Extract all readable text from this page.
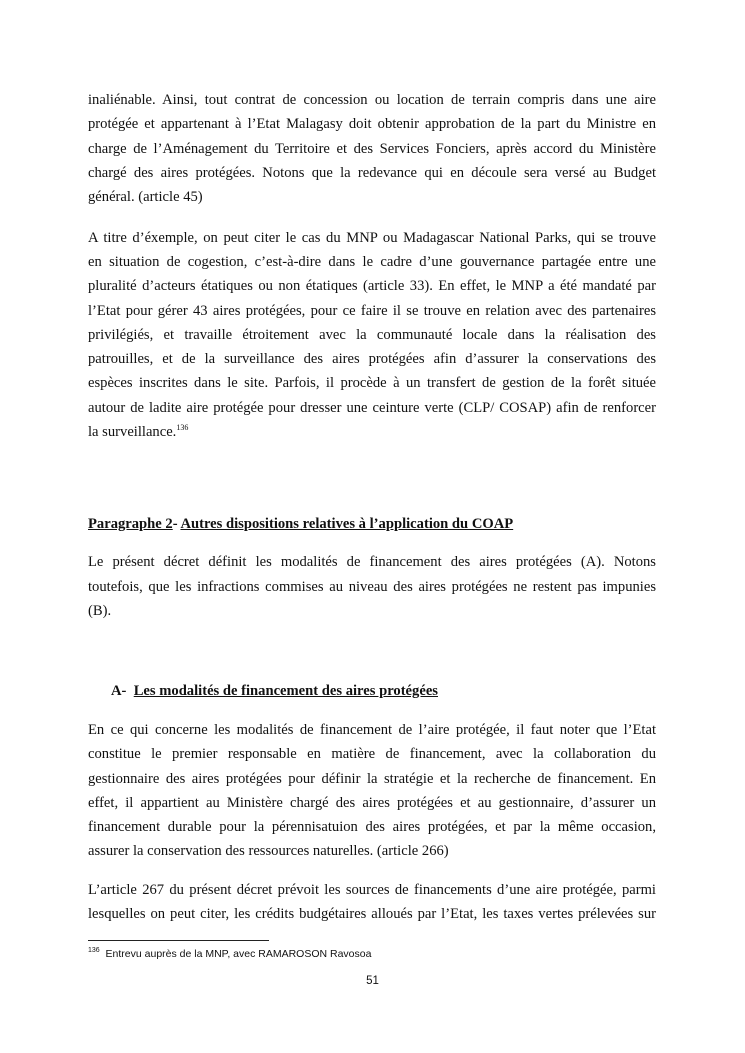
inaliénable. Ainsi, tout contrat de concession ou location de terrain compris dans une aire
protégée et appartenant à l’Etat Malagasy doit obtenir approbation de la part du Ministre en
charge de l’Aménagement du Territoire et des Services Fonciers, après accord du Ministère
chargé des aires protégées. Notons que la redevance qui en découle sera versé au Budget
général. (article 45)
A titre d’éxemple, on peut citer le cas du MNP ou Madagascar National Parks, qui se trouve
en situation de cogestion, c’est-à-dire dans le cadre d’une gouvernance partagée entre une
pluralité d’acteurs étatiques ou non étatiques (article 33). En effet, le MNP a été mandaté par
l’Etat pour gérer 43 aires protégées, pour ce faire il se trouve en relation avec des partenaires
privilégiés, et travaille étroitement avec la communauté locale dans la réalisation des
patrouilles, et de la surveillance des aires protégées afin d’assurer la conservations des
espèces inscrites dans le site. Parfois, il procède à un transfert de gestion de la forêt située
autour de ladite aire protégée pour dresser une ceinture verte (CLP/ COSAP) afin de renforcer
la surveillance.$^{136}$
Le présent décret définit les modalités de financement des aires protégées (A). Notons
toutefois, que les infractions commises au niveau des aires protégées ne restent pas impunies
(B).
En ce qui concerne les modalités de financement de l’aire protégée, il faut noter que l’Etat
constitue le premier responsable en matière de financement, avec la collaboration du
gestionnaire des aires protégées pour définir la stratégie et la recherche de financement. En
effet, il appartient au Ministère chargé des aires protégées et au gestionnaire, d’assurer un
financement durable pour la pérennisatuion des aires protégées, et par la même occasion,
assurer la conservation des ressources naturelles. (article 266)
L’article 267 du présent décret prévoit les sources de financements d’une aire protégée, parmi
lesquelles on peut citer, les crédits budgétaires alloués par l’Etat, les taxes vertes prélevées sur
Paragraphe 2- Autres dispositions relatives à l’application du COAP
A- Les modalités de financement des aires protégées
$^{136}$ Entrevu auprès de la MNP, avec RAMAROSON Ravosoa
51
